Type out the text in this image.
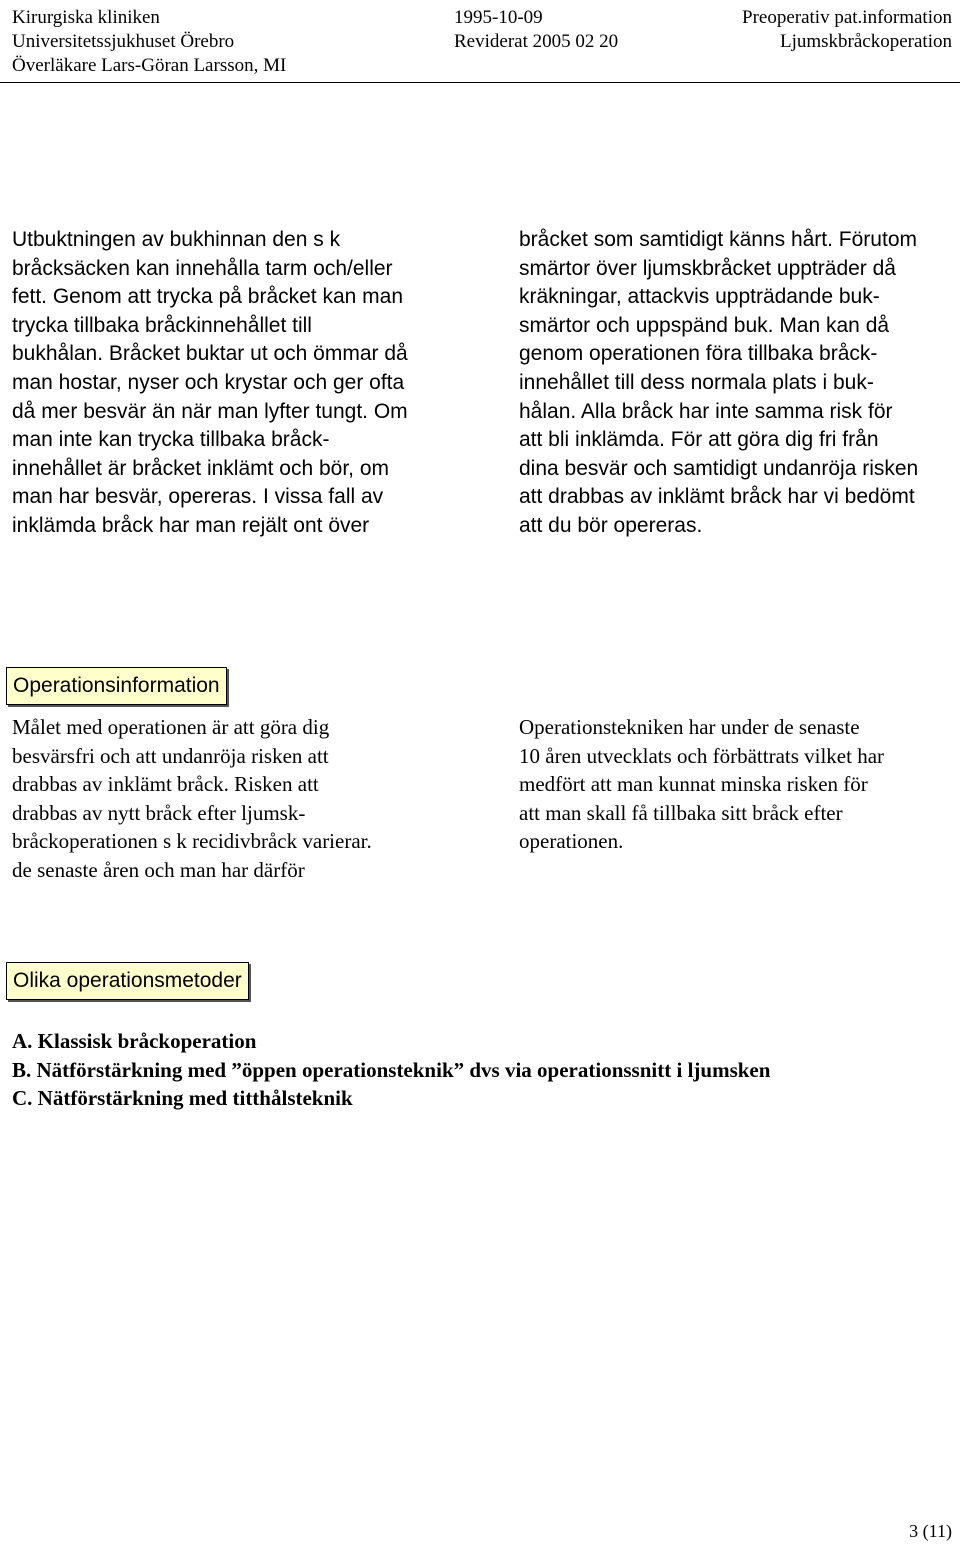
Kirurgiska kliniken	1995-10-09	Preoperativ pat.information
Universitetssjukhuset Örebro	Reviderat 2005 02 20	Ljumskbråckoperation
Överläkare Lars-Göran Larsson, MI
Utbuktningen av bukhinnan den s k
bråcksäcken kan innehålla tarm och/eller
fett. Genom att trycka på bråcket kan man
trycka tillbaka bråckinnehållet till
bukhålan. Bråcket buktar ut och ömmar då
man hostar, nyser och krystar och ger ofta
då mer besvär än när man lyfter tungt. Om
man inte kan trycka tillbaka bråck-
innehållet är bråcket inklämt och bör, om
man har besvär, opereras. I vissa fall av
inklämda bråck har man rejält ont över
bråcket som samtidigt känns hårt. Förutom
smärtor över ljumskbråcket uppträder då
kräkningar, attackvis uppträdande buk-
smärtor och uppspänd buk. Man kan då
genom operationen föra tillbaka bråck-
innehållet till dess normala plats i buk-
hålan. Alla bråck har inte samma risk för
att bli inklämda. För att göra dig fri från
dina besvär och samtidigt undanröja risken
att drabbas av inklämt bråck har vi bedömt
att du bör opereras.
Operationsinformation
Målet med operationen är att göra dig
besvärsfri och att undanröja risken att
drabbas av inklämt bråck. Risken att
drabbas av nytt bråck efter ljumsk-
bråckoperationen s k recidivbråck varierar.
de senaste åren och man har därför
Operationstekniken har under de senaste
10 åren utvecklats och förbättrats vilket har
medfört att man kunnat minska risken för
att man skall få tillbaka sitt bråck efter
operationen.
Olika operationsmetoder
A. Klassisk bråckoperation
B. Nätförstärkning med ”öppen operationsteknik” dvs via operationssnitt i ljumsken
C. Nätförstärkning med titthålsteknik
3 (11)
